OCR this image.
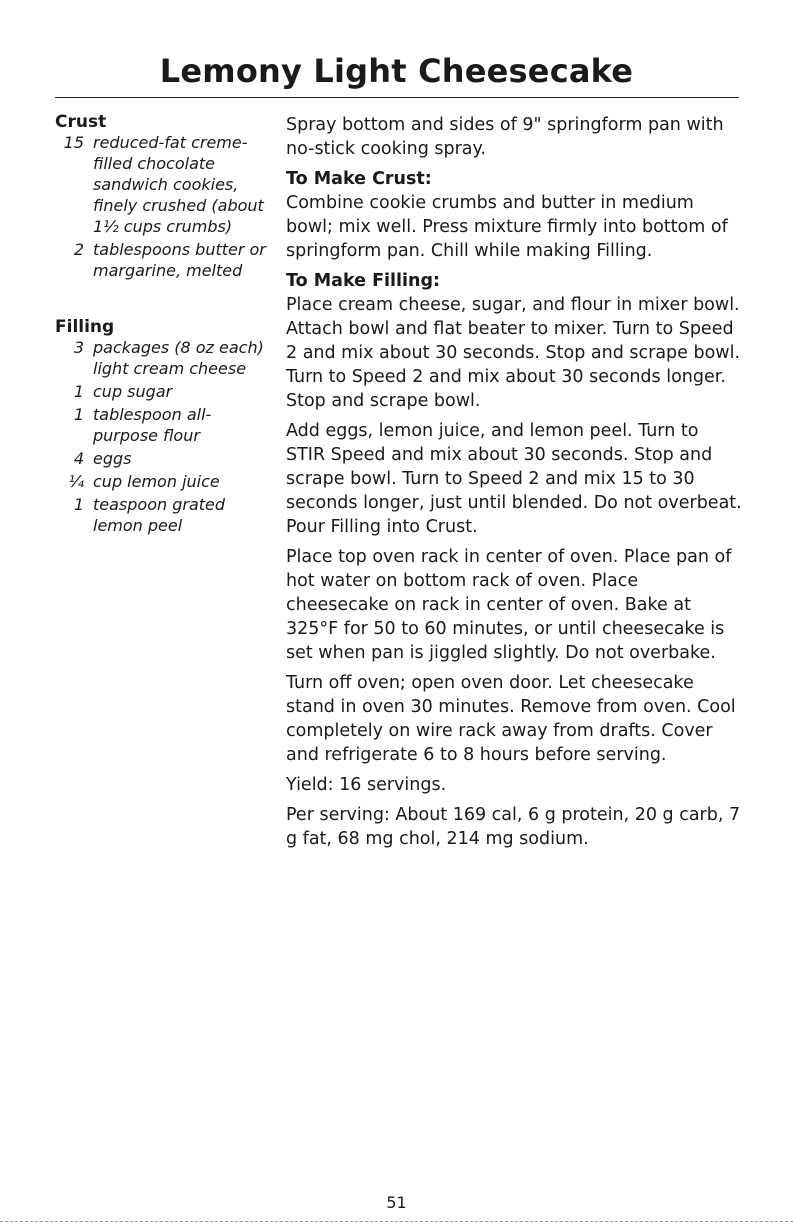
Lemony Light Cheesecake
Crust
15 reduced-fat creme-filled chocolate sandwich cookies, finely crushed (about 1½ cups crumbs)
2 tablespoons butter or margarine, melted
Filling
3 packages (8 oz each) light cream cheese
1 cup sugar
1 tablespoon all-purpose flour
4 eggs
¼ cup lemon juice
1 teaspoon grated lemon peel

Spray bottom and sides of 9" springform pan with no-stick cooking spray.

To Make Crust:

Combine cookie crumbs and butter in medium bowl; mix well. Press mixture firmly into bottom of springform pan. Chill while making Filling.

To Make Filling:

Place cream cheese, sugar, and flour in mixer bowl. Attach bowl and flat beater to mixer. Turn to Speed 2 and mix about 30 seconds. Stop and scrape bowl. Turn to Speed 2 and mix about 30 seconds longer. Stop and scrape bowl.

Add eggs, lemon juice, and lemon peel. Turn to STIR Speed and mix about 30 seconds. Stop and scrape bowl. Turn to Speed 2 and mix 15 to 30 seconds longer, just until blended. Do not overbeat. Pour Filling into Crust.

Place top oven rack in center of oven. Place pan of hot water on bottom rack of oven. Place cheesecake on rack in center of oven. Bake at 325°F for 50 to 60 minutes, or until cheesecake is set when pan is jiggled slightly. Do not overbake.

Turn off oven; open oven door. Let cheesecake stand in oven 30 minutes. Remove from oven. Cool completely on wire rack away from drafts. Cover and refrigerate 6 to 8 hours before serving.

Yield: 16 servings.

Per serving: About 169 cal, 6 g protein, 20 g carb, 7 g fat, 68 mg chol, 214 mg sodium.

51
